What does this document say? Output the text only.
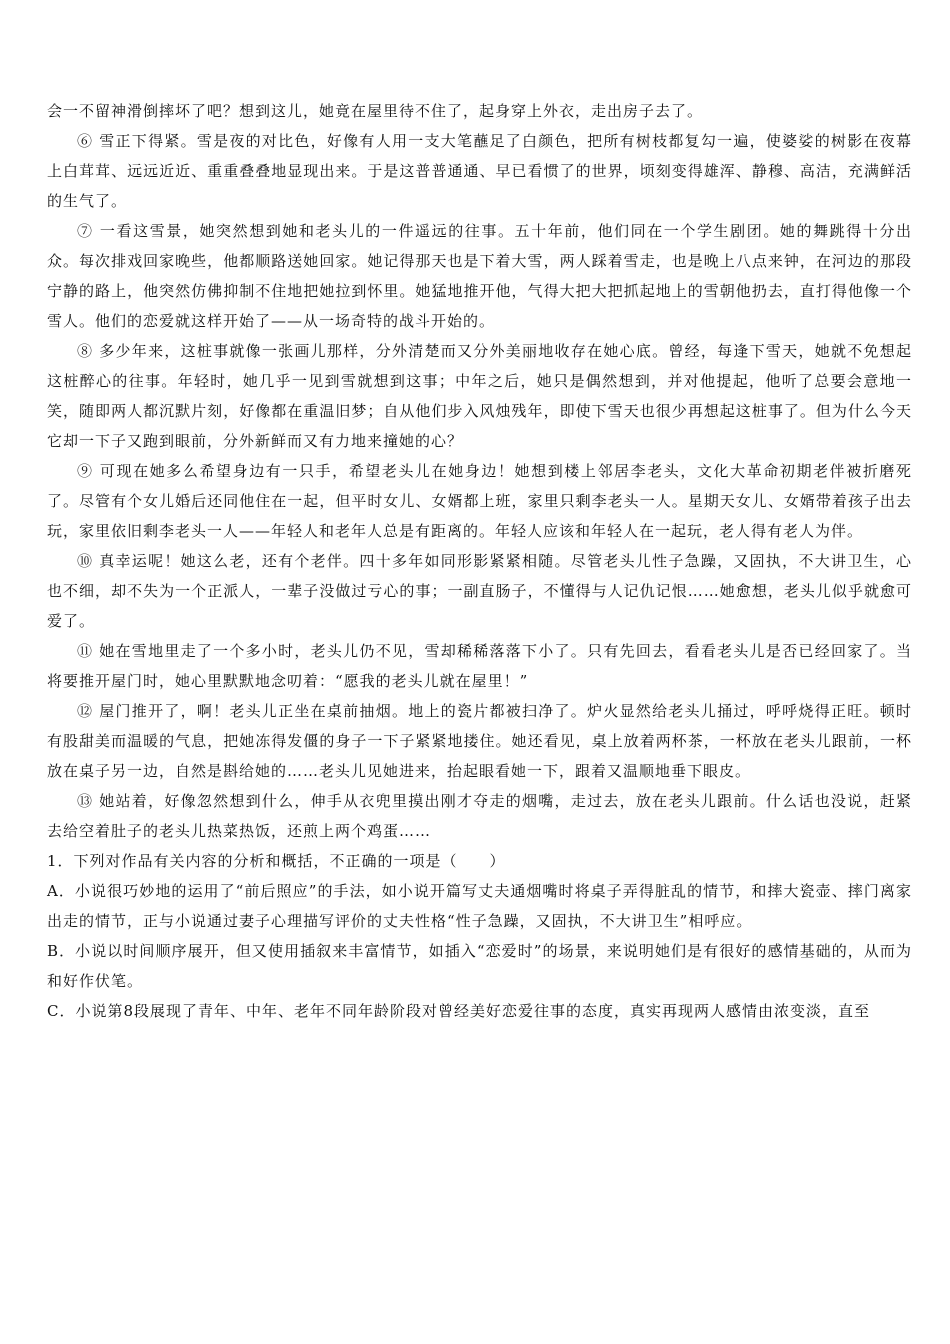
会一不留神滑倒摔坏了吧？想到这儿，她竟在屋里待不住了，起身穿上外衣，走出房子去了。

⑥ 雪正下得紧。雪是夜的对比色，好像有人用一支大笔蘸足了白颜色，把所有树枝都复勾一遍，使婆娑的树影在夜幕上白茸茸、远远近近、重重叠叠地显现出来。于是这普普通通、早已看惯了的世界，顷刻变得雄浑、静穆、高洁，充满鲜活的生气了。

⑦ 一看这雪景，她突然想到她和老头儿的一件遥远的往事。五十年前，他们同在一个学生剧团。她的舞跳得十分出众。每次排戏回家晚些，他都顺路送她回家。她记得那天也是下着大雪，两人踩着雪走，也是晚上八点来钟，在河边的那段宁静的路上，他突然仿佛抑制不住地把她拉到怀里。她猛地推开他，气得大把大把抓起地上的雪朝他扔去，直打得他像一个雪人。他们的恋爱就这样开始了——从一场奇特的战斗开始的。

⑧ 多少年来，这桩事就像一张画儿那样，分外清楚而又分外美丽地收存在她心底。曾经，每逢下雪天，她就不免想起这桩醉心的往事。年轻时，她几乎一见到雪就想到这事；中年之后，她只是偶然想到，并对他提起，他听了总要会意地一笑，随即两人都沉默片刻，好像都在重温旧梦；自从他们步入风烛残年，即使下雪天也很少再想起这桩事了。但为什么今天它却一下子又跑到眼前，分外新鲜而又有力地来撞她的心？

⑨ 可现在她多么希望身边有一只手，希望老头儿在她身边！她想到楼上邻居李老头，文化大革命初期老伴被折磨死了。尽管有个女儿婚后还同他住在一起，但平时女儿、女婿都上班，家里只剩李老头一人。星期天女儿、女婿带着孩子出去玩，家里依旧剩李老头一人——年轻人和老年人总是有距离的。年轻人应该和年轻人在一起玩，老人得有老人为伴。

⑩ 真幸运呢！她这么老，还有个老伴。四十多年如同形影紧紧相随。尽管老头儿性子急躁，又固执，不大讲卫生，心也不细，却不失为一个正派人，一辈子没做过亏心的事；一副直肠子，不懂得与人记仇记恨……她愈想，老头儿似乎就愈可爱了。

⑪ 她在雪地里走了一个多小时，老头儿仍不见，雪却稀稀落落下小了。只有先回去，看看老头儿是否已经回家了。当将要推开屋门时，她心里默默地念叨着：“愿我的老头儿就在屋里！”

⑫ 屋门推开了，啊！老头儿正坐在桌前抽烟。地上的瓷片都被扫净了。炉火显然给老头儿捅过，呼呼烧得正旺。顿时有股甜美而温暖的气息，把她冻得发僵的身子一下子紧紧地搂住。她还看见，桌上放着两杯茶，一杯放在老头儿跟前，一杯放在桌子另一边，自然是斟给她的……老头儿见她进来，抬起眼看她一下，跟着又温顺地垂下眼皮。

⑬ 她站着，好像忽然想到什么，伸手从衣兜里摸出刚才夺走的烟嘴，走过去，放在老头儿跟前。什么话也没说，赶紧去给空着肚子的老头儿热菜热饭，还煎上两个鸡蛋……

1．下列对作品有关内容的分析和概括，不正确的一项是（　　）

A．小说很巧妙地的运用了“前后照应”的手法，如小说开篇写丈夫通烟嘴时将桌子弄得脏乱的情节，和摔大瓷壶、摔门离家出走的情节，正与小说通过妻子心理描写评价的丈夫性格“性子急躁，又固执，不大讲卫生”相呼应。

B．小说以时间顺序展开，但又使用插叙来丰富情节，如插入“恋爱时”的场景，来说明她们是有很好的感情基础的，从而为和好作伏笔。

C．小说第8段展现了青年、中年、老年不同年龄阶段对曾经美好恋爱往事的态度，真实再现两人感情由浓变淡，直至
